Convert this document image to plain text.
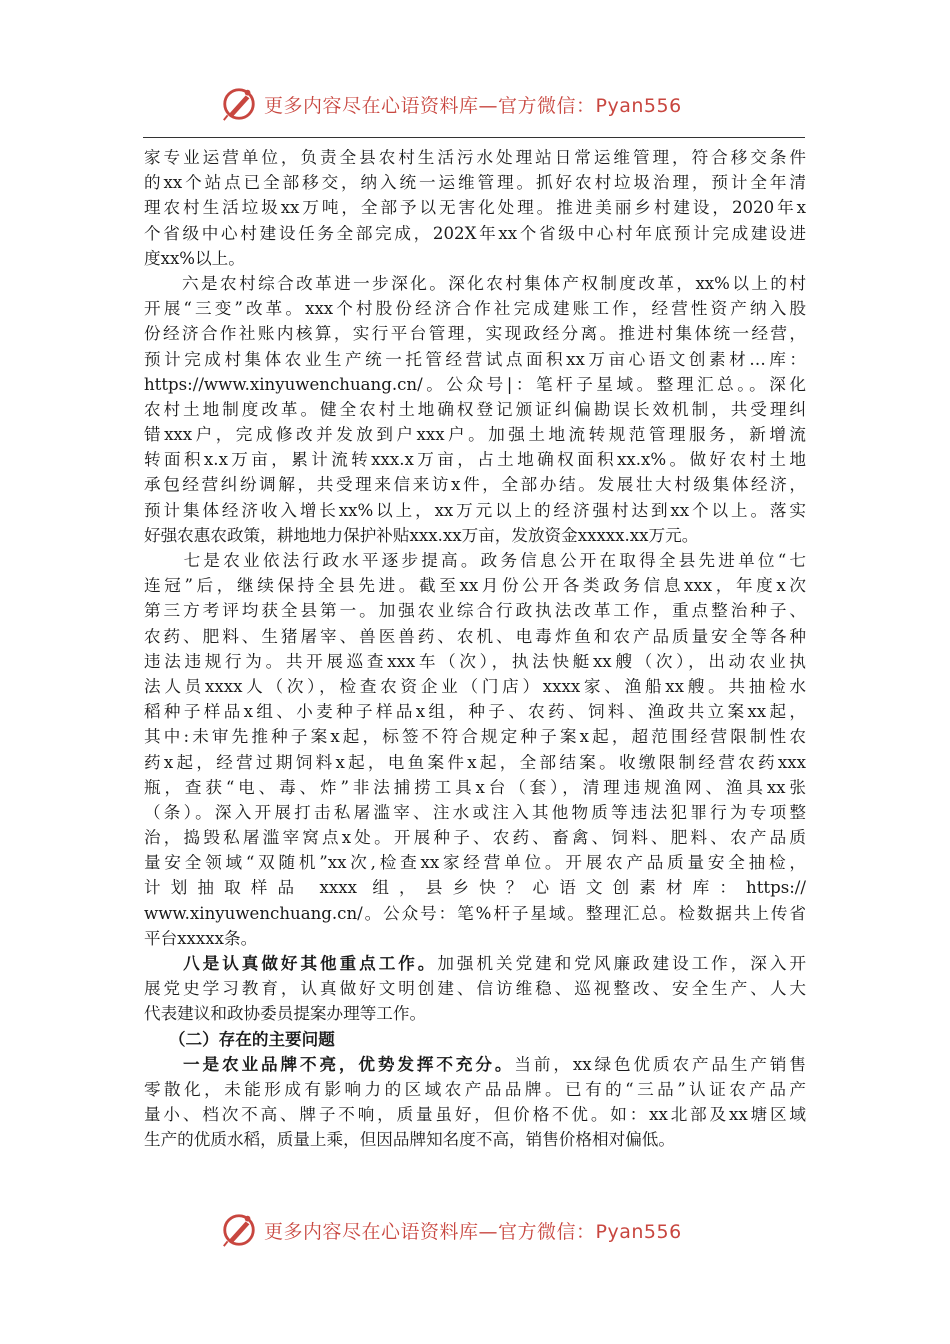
更多内容尽在心语资料库—官方微信：Pyan556
家专业运营单位，负责全县农村生活污水处理站日常运维管理，符合移交条件
的xx个站点已全部移交，纳入统一运维管理。抓好农村垃圾治理，预计全年清
理农村生活垃圾xx万吨，全部予以无害化处理。推进美丽乡村建设，2020年x
个省级中心村建设任务全部完成，202X年xx个省级中心村年底预计完成建设进
度xx%以上。
　　六是农村综合改革进一步深化。深化农村集体产权制度改革，xx%以上的村
开展“三变”改革。xxx个村股份经济合作社完成建账工作，经营性资产纳入股
份经济合作社账内核算，实行平台管理，实现政经分离。推进村集体统一经营，
预计完成村集体农业生产统一托管经营试点面积xx万亩心语文创素材…库：
https://www.xinyuwenchuang.cn/。公众号|：笔杆子星域。整理汇总。。深化
农村土地制度改革。健全农村土地确权登记颁证纠偏勘误长效机制，共受理纠
错xxx户，完成修改并发放到户xxx户。加强土地流转规范管理服务，新增流
转面积x.x万亩，累计流转xxx.x万亩，占土地确权面积xx.x%。做好农村土地
承包经营纠纷调解，共受理来信来访x件，全部办结。发展壮大村级集体经济，
预计集体经济收入增长xx%以上，xx万元以上的经济强村达到xx个以上。落实
好强农惠农政策，耕地地力保护补贴xxx.xx万亩，发放资金xxxxx.xx万元。
　　七是农业依法行政水平逐步提高。政务信息公开在取得全县先进单位“七
连冠”后，继续保持全县先进。截至xx月份公开各类政务信息xxx，年度x次
第三方考评均获全县第一。加强农业综合行政执法改革工作，重点整治种子、
农药、肥料、生猪屠宰、兽医兽药、农机、电毒炸鱼和农产品质量安全等各种
违法违规行为。共开展巡查xxx车（次），执法快艇xx艘（次），出动农业执
法人员xxxx人（次），检查农资企业（门店）xxxx家、渔船xx艘。共抽检水
稻种子样品x组、小麦种子样品x组，种子、农药、饲料、渔政共立案xx起，
其中:未审先推种子案x起，标签不符合规定种子案x起，超范围经营限制性农
药x起，经营过期饲料x起，电鱼案件x起，全部结案。收缴限制经营农药xxx
瓶，查获“电、毒、炸”非法捕捞工具x台（套），清理违规渔网、渔具xx张
（条）。深入开展打击私屠滥宰、注水或注入其他物质等违法犯罪行为专项整
治，捣毁私屠滥宰窝点x处。开展种子、农药、畜禽、饲料、肥料、农产品质
量安全领域“双随机”xx次,检查xx家经营单位。开展农产品质量安全抽检，
计划抽取样品 xxxx 组，县乡快？心语文创素材库：https://
www.xinyuwenchuang.cn/。公众号：笔%杆子星域。整理汇总。检数据共上传省
平台xxxxx条。
　　八是认真做好其他重点工作。加强机关党建和党风廉政建设工作，深入开
展党史学习教育，认真做好文明创建、信访维稳、巡视整改、安全生产、人大
代表建议和政协委员提案办理等工作。
　　（二）存在的主要问题
　　一是农业品牌不亮，优势发挥不充分。当前，xx绿色优质农产品生产销售
零散化，未能形成有影响力的区域农产品品牌。已有的“三品”认证农产品产
量小、档次不高、牌子不响，质量虽好，但价格不优。如：xx北部及xx塘区域
生产的优质水稻，质量上乘，但因品牌知名度不高，销售价格相对偏低。
更多内容尽在心语资料库—官方微信：Pyan556
